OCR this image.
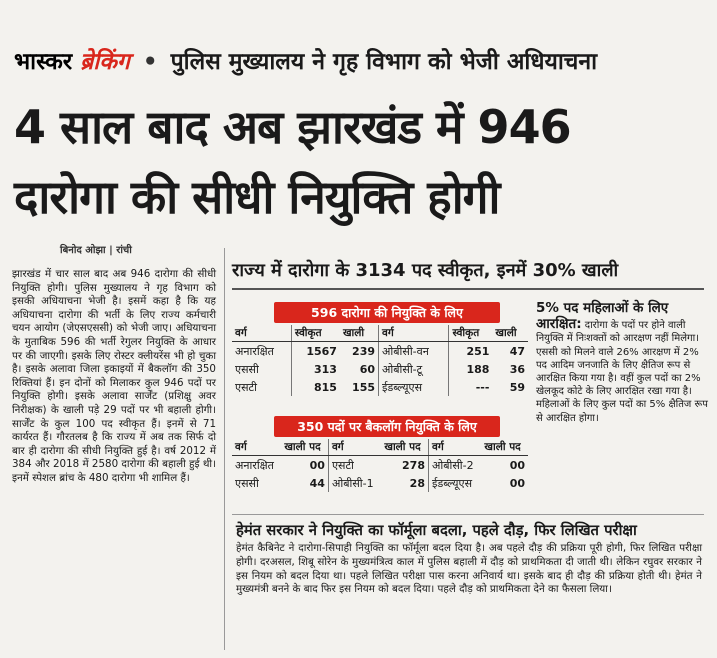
भास्कर ब्रेकिंग • पुलिस मुख्यालय ने गृह विभाग को भेजी अधियाचना
4 साल बाद अब झारखंड में 946
दारोगा की सीधी नियुक्ति होगी
बिनोद ओझा | रांची
झारखंड में चार साल बाद अब 946 दारोगा की सीधी नियुक्ति होगी। पुलिस मुख्यालय ने गृह विभाग को इसकी अधियाचना भेजी है। इसमें कहा है कि यह अधियाचना दारोगा की भर्ती के लिए राज्य कर्मचारी चयन आयोग (जेएसएससी) को भेजी जाए। अधियाचना के मुताबिक 596 की भर्ती रेगुलर नियुक्ति के आधार पर की जाएगी। इसके लिए रोस्टर क्लीयरेंस भी हो चुका है। इसके अलावा जिला इकाइयों में बैकलॉग की 350 रिक्तियां हैं। इन दोनों को मिलाकर कुल 946 पदों पर नियुक्ति होगी। इसके अलावा सार्जेंट (प्रशिक्षु अवर निरीक्षक) के खाली पड़े 29 पदों पर भी बहाली होगी। सार्जेंट के कुल 100 पद स्वीकृत हैं। इनमें से 71 कार्यरत हैं। गौरतलब है कि राज्य में अब तक सिर्फ दो बार ही दारोगा की सीधी नियुक्ति हुई है। वर्ष 2012 में 384 और 2018 में 2580 दारोगा की बहाली हुई थी। इनमें स्पेशल ब्रांच के 480 दारोगा भी शामिल हैं।
राज्य में दारोगा के 3134 पद स्वीकृत, इनमें 30% खाली
596 दारोगा की नियुक्ति के लिए
वर्ग	स्वीकृत	खाली	वर्ग	स्वीकृत	खाली
अनारक्षित	1567	239	ओबीसी-वन	251	47
एससी	313	60	ओबीसी-टू	188	36
एसटी	815	155	ईडब्ल्यूएस	---	59
350 पदों पर बैकलॉग नियुक्ति के लिए
वर्ग	खाली पद	वर्ग	खाली पद	वर्ग	खाली पद
अनारक्षित	00	एसटी	278	ओबीसी-2	00
एससी	44	ओबीसी-1	28	ईडब्ल्यूएस	00
5% पद महिलाओं के लिए आरक्षित: दारोगा के पदों पर होने वाली नियुक्ति में निःशक्तों को आरक्षण नहीं मिलेगा। एससी को मिलने वाले 26% आरक्षण में 2% पद आदिम जनजाति के लिए क्षैतिज रूप से आरक्षित किया गया है। वहीं कुल पदों का 2% खेलकूद कोटे के लिए आरक्षित रखा गया है। महिलाओं के लिए कुल पदों का 5% क्षैतिज रूप से आरक्षित होगा।
हेमंत सरकार ने नियुक्ति का फॉर्मूला बदला, पहले दौड़, फिर लिखित परीक्षा
हेमंत कैबिनेट ने दारोगा-सिपाही नियुक्ति का फॉर्मूला बदल दिया है। अब पहले दौड़ की प्रक्रिया पूरी होगी, फिर लिखित परीक्षा होगी। दरअसल, शिबू सोरेन के मुख्यमंत्रित्व काल में पुलिस बहाली में दौड़ को प्राथमिकता दी जाती थी। लेकिन रघुवर सरकार ने इस नियम को बदल दिया था। पहले लिखित परीक्षा पास करना अनिवार्य था। इसके बाद ही दौड़ की प्रक्रिया होती थी। हेमंत ने मुख्यमंत्री बनने के बाद फिर इस नियम को बदल दिया। पहले दौड़ को प्राथमिकता देने का फैसला लिया।
